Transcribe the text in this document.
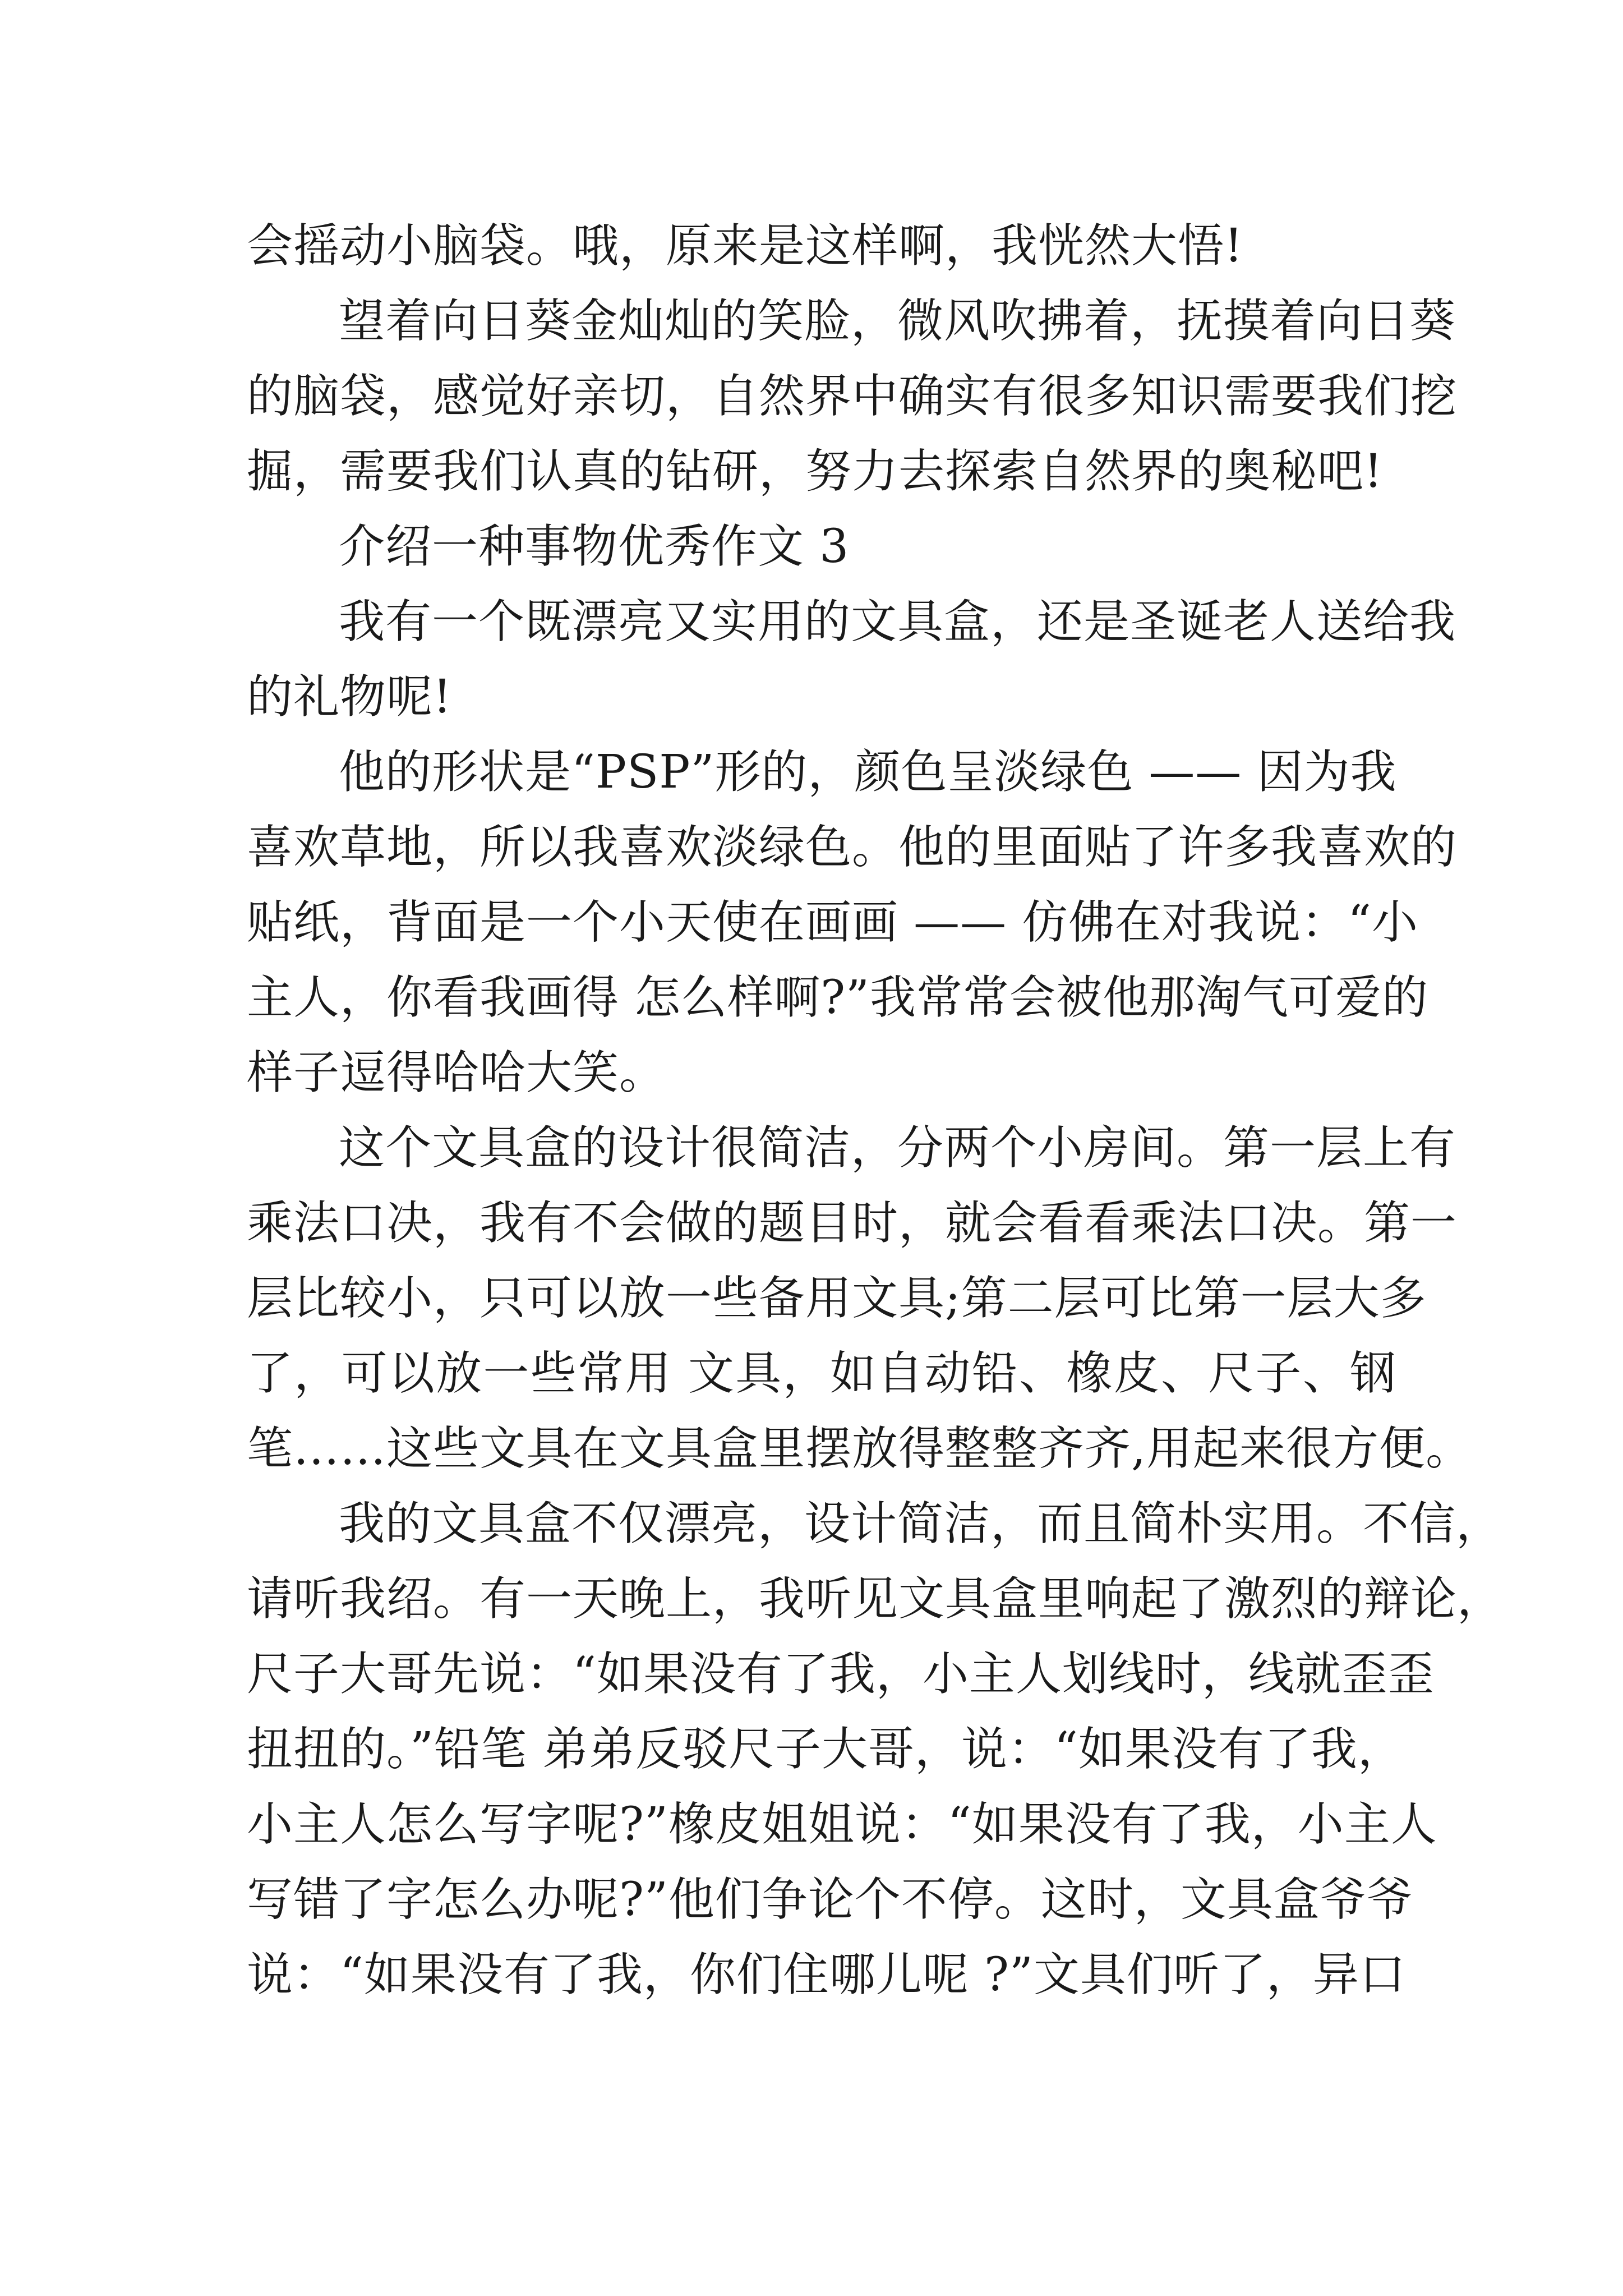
会摇动小脑袋。哦，原来是这样啊，我恍然大悟!
望着向日葵金灿灿的笑脸，微风吹拂着，抚摸着向日葵
的脑袋，感觉好亲切，自然界中确实有很多知识需要我们挖
掘，需要我们认真的钻研，努力去探索自然界的奥秘吧!
介绍一种事物优秀作文 3
我有一个既漂亮又实用的文具盒，还是圣诞老人送给我
的礼物呢!
他的形状是“PSP”形的，颜色呈淡绿色 —— 因为我
喜欢草地，所以我喜欢淡绿色。他的里面贴了许多我喜欢的
贴纸，背面是一个小天使在画画 —— 仿佛在对我说：“小
主人，你看我画得 怎么样啊?”我常常会被他那淘气可爱的
样子逗得哈哈大笑。
这个文具盒的设计很简洁，分两个小房间。第一层上有
乘法口决，我有不会做的题目时，就会看看乘法口决。第一
层比较小，只可以放一些备用文具;第二层可比第一层大多
了，可以放一些常用 文具，如自动铅、橡皮、尺子、钢
笔……这些文具在文具盒里摆放得整整齐齐,用起来很方便。
我的文具盒不仅漂亮，设计简洁，而且简朴实用。不信，
请听我绍。有一天晚上，我听见文具盒里响起了激烈的辩论，
尺子大哥先说：“如果没有了我，小主人划线时，线就歪歪
扭扭的。”铅笔 弟弟反驳尺子大哥，说：“如果没有了我，
小主人怎么写字呢?”橡皮姐姐说：“如果没有了我，小主人
写错了字怎么办呢?”他们争论个不停。这时，文具盒爷爷
说：“如果没有了我，你们住哪儿呢 ?”文具们听了，异口
